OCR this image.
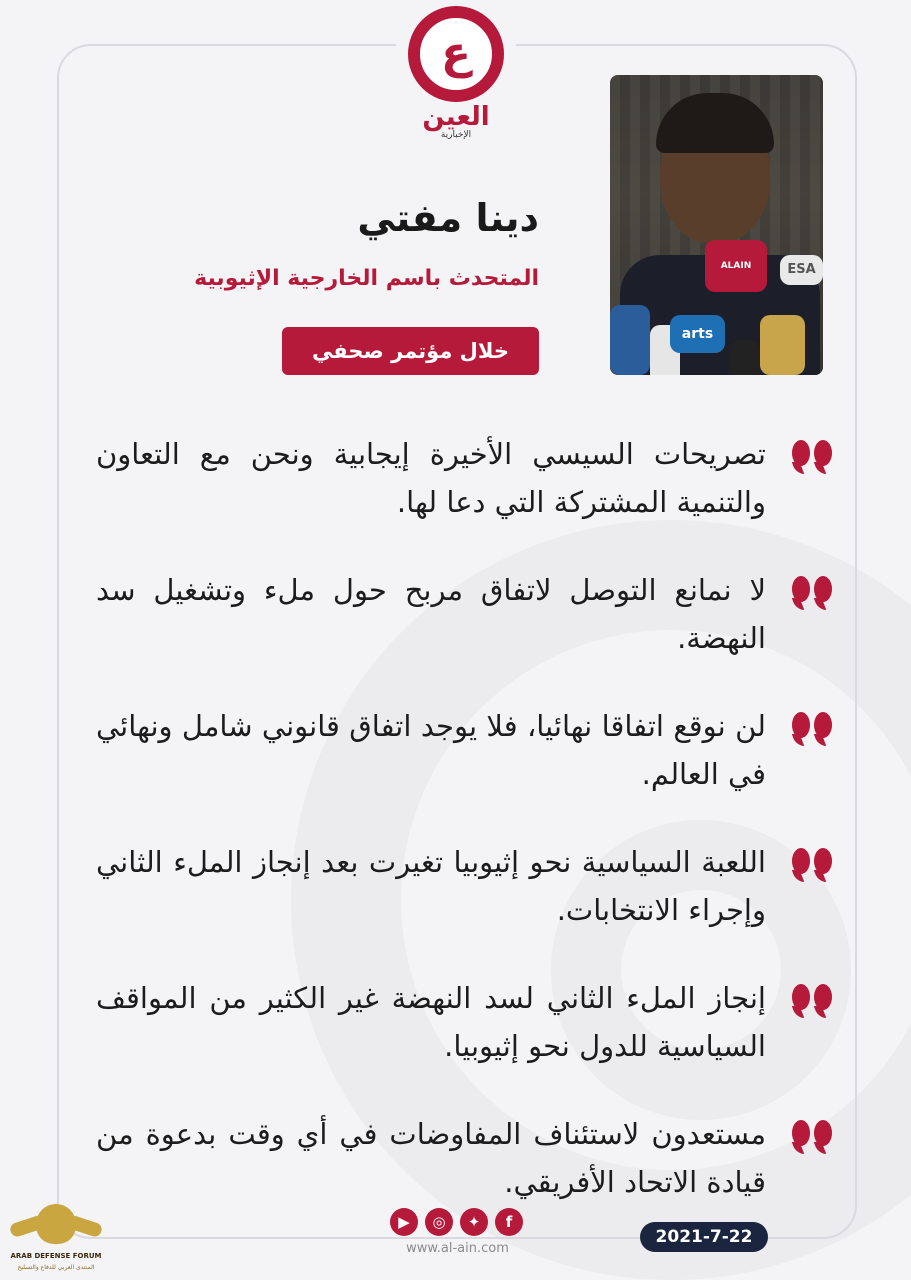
ع
العين
الإخبارية
ALAIN
arts
ESA
دينا مفتي
المتحدث باسم الخارجية الإثيوبية
خلال مؤتمر صحفي
تصريحات السيسي الأخيرة إيجابية ونحن مع التعاون والتنمية المشتركة التي دعا لها.
لا نمانع التوصل لاتفاق مربح حول ملء وتشغيل سد النهضة.
لن نوقع اتفاقا نهائيا، فلا يوجد اتفاق قانوني شامل ونهائي في العالم.
اللعبة السياسية نحو إثيوبيا تغيرت بعد إنجاز الملء الثاني وإجراء الانتخابات.
إنجاز الملء الثاني لسد النهضة غير الكثير من المواقف السياسية للدول نحو إثيوبيا.
مستعدون لاستئناف المفاوضات في أي وقت بدعوة من قيادة الاتحاد الأفريقي.
▶	◎	✦	f
www.al-ain.com
2021-7-22
ARAB DEFENSE FORUM
المنتدى العربي للدفاع والتسليح
